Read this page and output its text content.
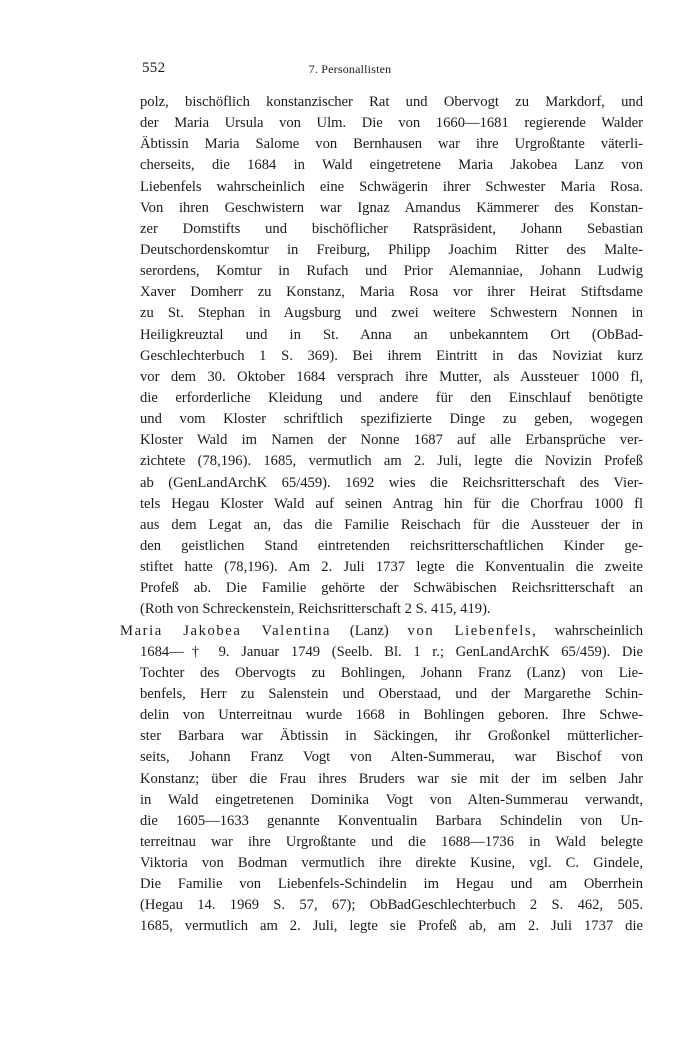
552	7. Personallisten
polz, bischöflich konstanzischer Rat und Obervogt zu Markdorf, und
der Maria Ursula von Ulm. Die von 1660—1681 regierende Walder
Äbtissin Maria Salome von Bernhausen war ihre Urgroßtante väterli-
cherseits, die 1684 in Wald eingetretene Maria Jakobea Lanz von
Liebenfels wahrscheinlich eine Schwägerin ihrer Schwester Maria Rosa.
Von ihren Geschwistern war Ignaz Amandus Kämmerer des Konstan-
zer Domstifts und bischöflicher Ratspräsident, Johann Sebastian
Deutschordenskomtur in Freiburg, Philipp Joachim Ritter des Malte-
serordens, Komtur in Rufach und Prior Alemanniae, Johann Ludwig
Xaver Domherr zu Konstanz, Maria Rosa vor ihrer Heirat Stiftsdame
zu St. Stephan in Augsburg und zwei weitere Schwestern Nonnen in
Heiligkreuztal und in St. Anna an unbekanntem Ort (ObBad-
Geschlechterbuch 1 S. 369). Bei ihrem Eintritt in das Noviziat kurz
vor dem 30. Oktober 1684 versprach ihre Mutter, als Aussteuer 1000 fl,
die erforderliche Kleidung und andere für den Einschlauf benötigte
und vom Kloster schriftlich spezifizierte Dinge zu geben, wogegen
Kloster Wald im Namen der Nonne 1687 auf alle Erbansprüche ver-
zichtete (78,196). 1685, vermutlich am 2. Juli, legte die Novizin Profeß
ab (GenLandArchK 65/459). 1692 wies die Reichsritterschaft des Vier-
tels Hegau Kloster Wald auf seinen Antrag hin für die Chorfrau 1000 fl
aus dem Legat an, das die Familie Reischach für die Aussteuer der in
den geistlichen Stand eintretenden reichsritterschaftlichen Kinder ge-
stiftet hatte (78,196). Am 2. Juli 1737 legte die Konventualin die zweite
Profeß ab. Die Familie gehörte der Schwäbischen Reichsritterschaft an
(Roth von Schreckenstein, Reichsritterschaft 2 S. 415, 419).
Maria Jakobea Valentina (Lanz) von Liebenfels, wahrscheinlich
1684—† 9. Januar 1749 (Seelb. Bl. 1 r.; GenLandArchK 65/459). Die
Tochter des Obervogts zu Bohlingen, Johann Franz (Lanz) von Lie-
benfels, Herr zu Salenstein und Oberstaad, und der Margarethe Schin-
delin von Unterreitnau wurde 1668 in Bohlingen geboren. Ihre Schwe-
ster Barbara war Äbtissin in Säckingen, ihr Großonkel mütterlicher-
seits, Johann Franz Vogt von Alten-Summerau, war Bischof von
Konstanz; über die Frau ihres Bruders war sie mit der im selben Jahr
in Wald eingetretenen Dominika Vogt von Alten-Summerau verwandt,
die 1605—1633 genannte Konventualin Barbara Schindelin von Un-
terreitnau war ihre Urgroßtante und die 1688—1736 in Wald belegte
Viktoria von Bodman vermutlich ihre direkte Kusine, vgl. C. Gindele,
Die Familie von Liebenfels-Schindelin im Hegau und am Oberrhein
(Hegau 14. 1969 S. 57, 67); ObBadGeschlechterbuch 2 S. 462, 505.
1685, vermutlich am 2. Juli, legte sie Profeß ab, am 2. Juli 1737 die
